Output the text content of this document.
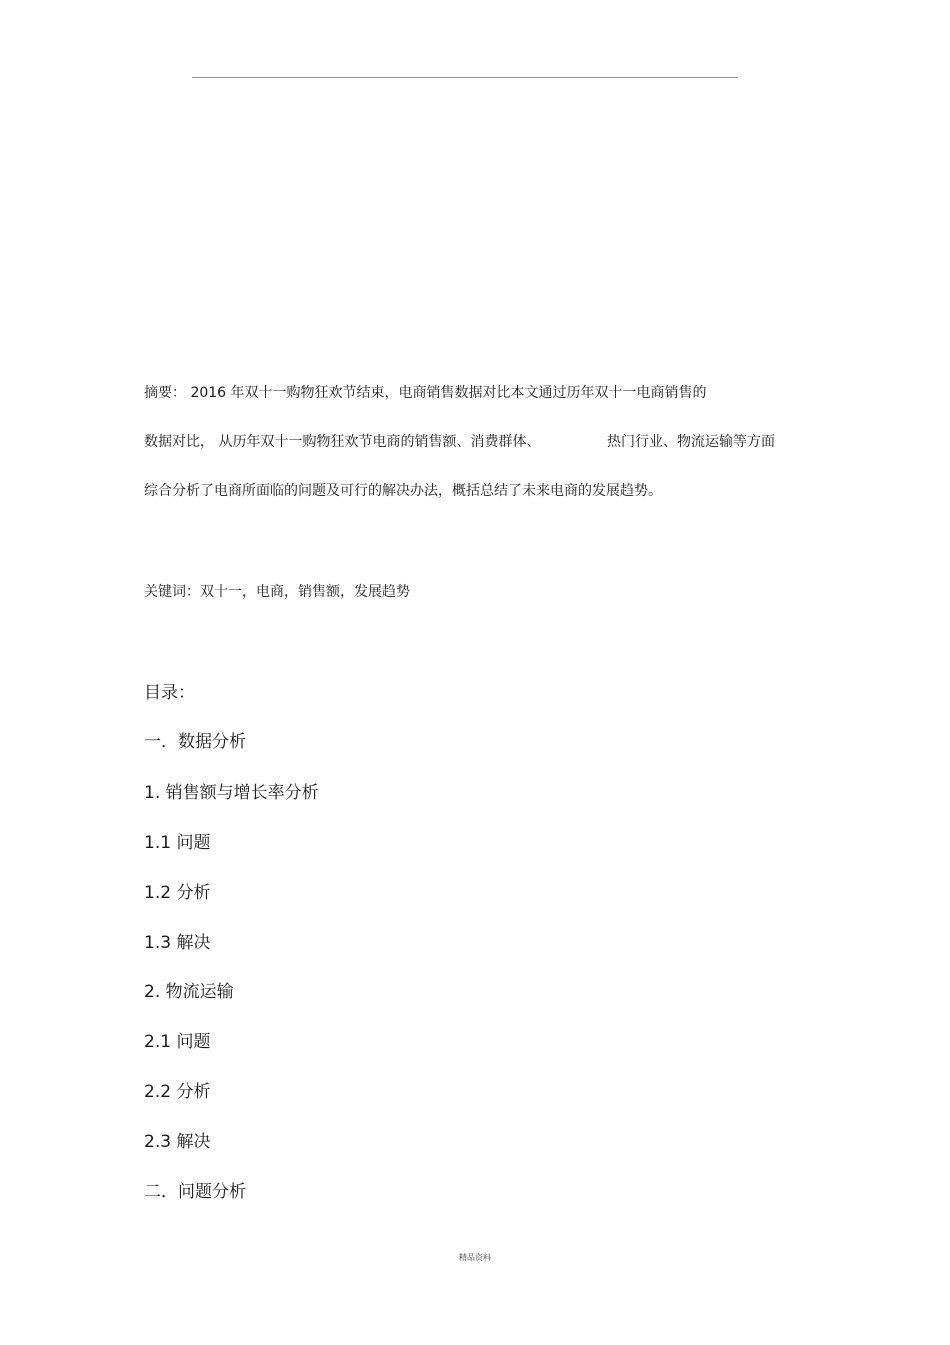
摘要： 2016 年双十一购物狂欢节结束，电商销售数据对比本文通过历年双十一电商销售的
数据对比， 从历年双十一购物狂欢节电商的销售额、消费群体、	热门行业、物流运输等方面
综合分析了电商所面临的问题及可行的解决办法，概括总结了未来电商的发展趋势。
关键词：双十一，电商，销售额，发展趋势
目录：
一．数据分析
1. 销售额与增长率分析
1.1 问题
1.2 分析
1.3 解决
2. 物流运输
2.1 问题
2.2 分析
2.3 解决
二．问题分析
精品资料
